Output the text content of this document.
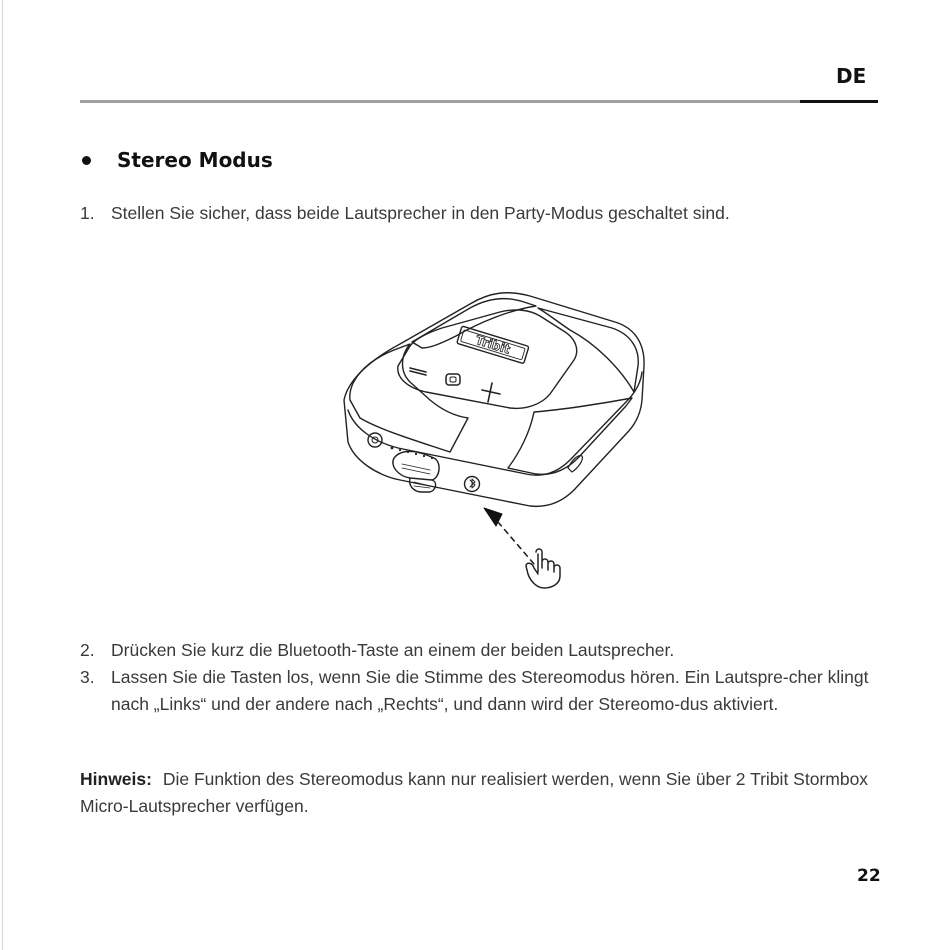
DE
Stereo Modus
1. Stellen Sie sicher, dass beide Lautsprecher in den Party-Modus geschaltet sind.
Tribit
2. Drücken Sie kurz die Bluetooth-Taste an einem der beiden Lautsprecher.
3. Lassen Sie die Tasten los, wenn Sie die Stimme des Stereomodus hören. Ein Lautspre-cher klingt nach „Links“ und der andere nach „Rechts“, und dann wird der Stereomo-dus aktiviert.
Hinweis: Die Funktion des Stereomodus kann nur realisiert werden, wenn Sie über 2 Tribit Stormbox Micro-Lautsprecher verfügen.
22
